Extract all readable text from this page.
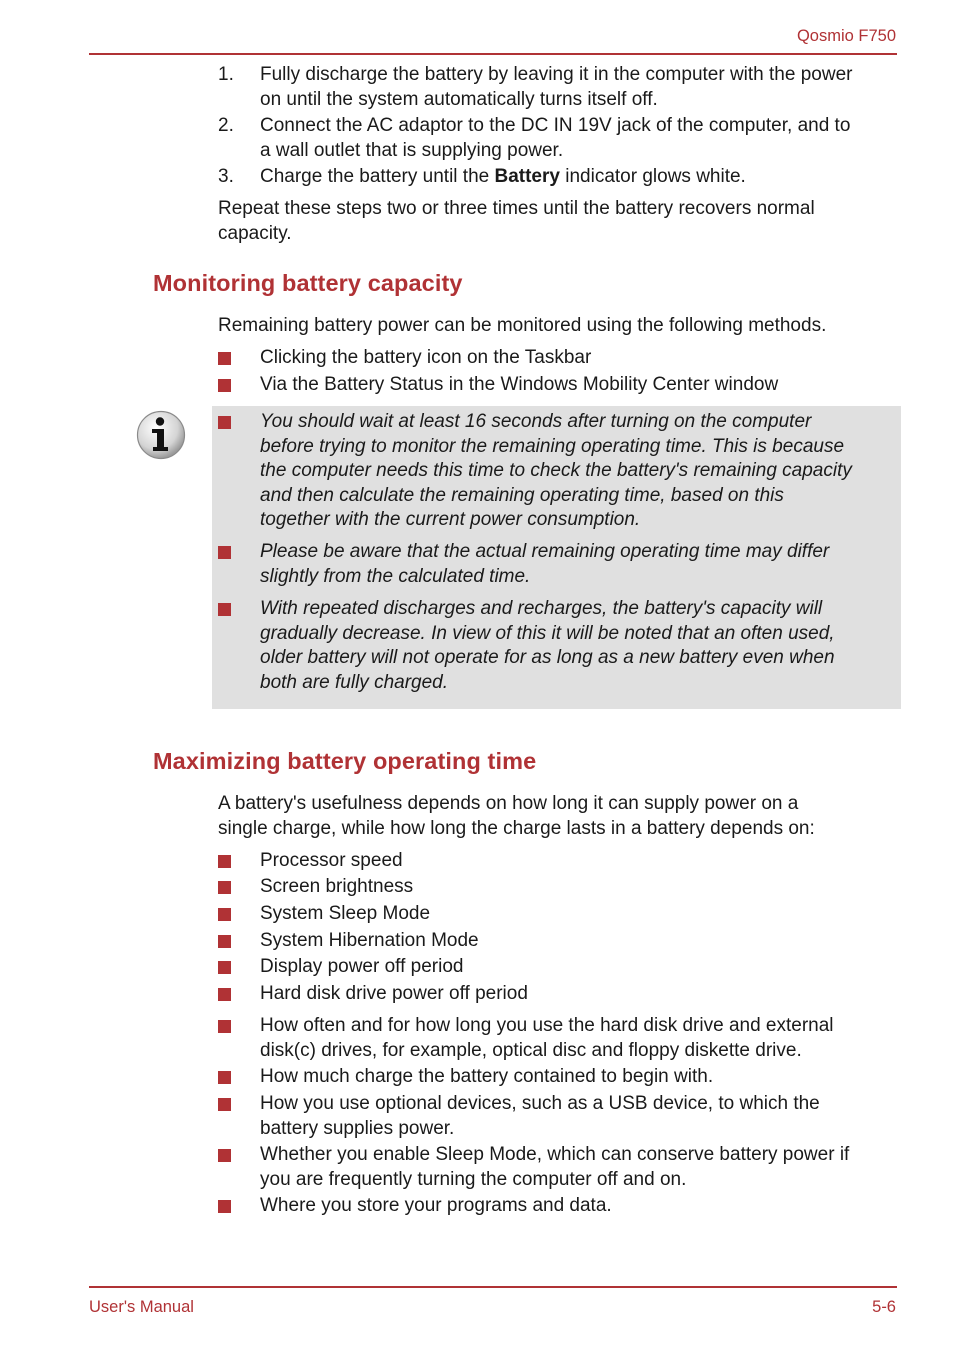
Qosmio F750
1.	Fully discharge the battery by leaving it in the computer with the power
on until the system automatically turns itself off.
2.	Connect the AC adaptor to the DC IN 19V jack of the computer, and to
a wall outlet that is supplying power.
3.	Charge the battery until the Battery indicator glows white.
Repeat these steps two or three times until the battery recovers normal
capacity.
Monitoring battery capacity
Remaining battery power can be monitored using the following methods.
Clicking the battery icon on the Taskbar
Via the Battery Status in the Windows Mobility Center window
You should wait at least 16 seconds after turning on the computer
before trying to monitor the remaining operating time. This is because
the computer needs this time to check the battery's remaining capacity
and then calculate the remaining operating time, based on this
together with the current power consumption.
Please be aware that the actual remaining operating time may differ
slightly from the calculated time.
With repeated discharges and recharges, the battery's capacity will
gradually decrease. In view of this it will be noted that an often used,
older battery will not operate for as long as a new battery even when
both are fully charged.
Maximizing battery operating time
A battery's usefulness depends on how long it can supply power on a
single charge, while how long the charge lasts in a battery depends on:
Processor speed
Screen brightness
System Sleep Mode
System Hibernation Mode
Display power off period
Hard disk drive power off period
How often and for how long you use the hard disk drive and external
disk(c) drives, for example, optical disc and floppy diskette drive.
How much charge the battery contained to begin with.
How you use optional devices, such as a USB device, to which the
battery supplies power.
Whether you enable Sleep Mode, which can conserve battery power if
you are frequently turning the computer off and on.
Where you store your programs and data.
User's Manual	5-6
